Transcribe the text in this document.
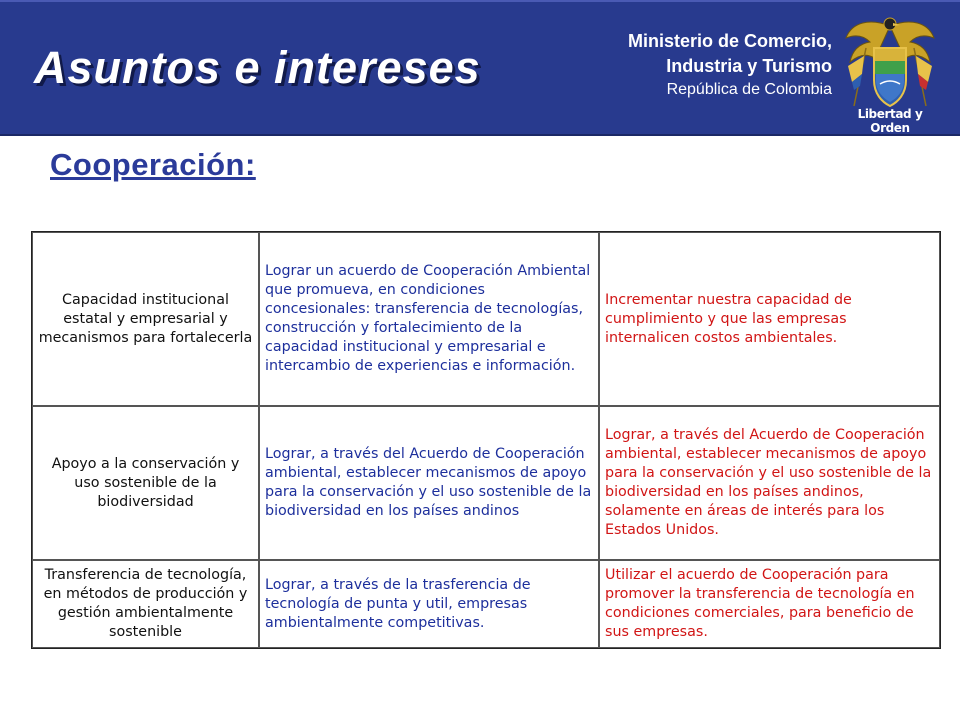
Asuntos e intereses
Ministerio de Comercio,
Industria y Turismo
República de Colombia
Libertad y Orden
Cooperación:
Capacidad institucional estatal y empresarial y mecanismos para fortalecerla	Lograr un acuerdo de Cooperación Ambiental que promueva, en condiciones concesionales: transferencia de tecnologías, construcción y fortalecimiento de la capacidad institucional y empresarial e intercambio de experiencias e información.	Incrementar nuestra capacidad de cumplimiento y que las empresas internalicen costos ambientales.
Apoyo a la conservación y uso sostenible de la biodiversidad	Lograr, a través del Acuerdo de Cooperación ambiental, establecer mecanismos de apoyo para la conservación y el uso sostenible de la biodiversidad en los países andinos	Lograr, a través del Acuerdo de Cooperación ambiental, establecer mecanismos de apoyo para la conservación y el uso sostenible de la biodiversidad en los países andinos, solamente en áreas de interés para los Estados Unidos.
Transferencia de tecnología, en métodos de producción y gestión ambientalmente sostenible	Lograr, a través de la trasferencia de tecnología de punta y util, empresas ambientalmente competitivas.	Utilizar el acuerdo de Cooperación para promover la transferencia de tecnología en condiciones comerciales, para beneficio de sus empresas.
